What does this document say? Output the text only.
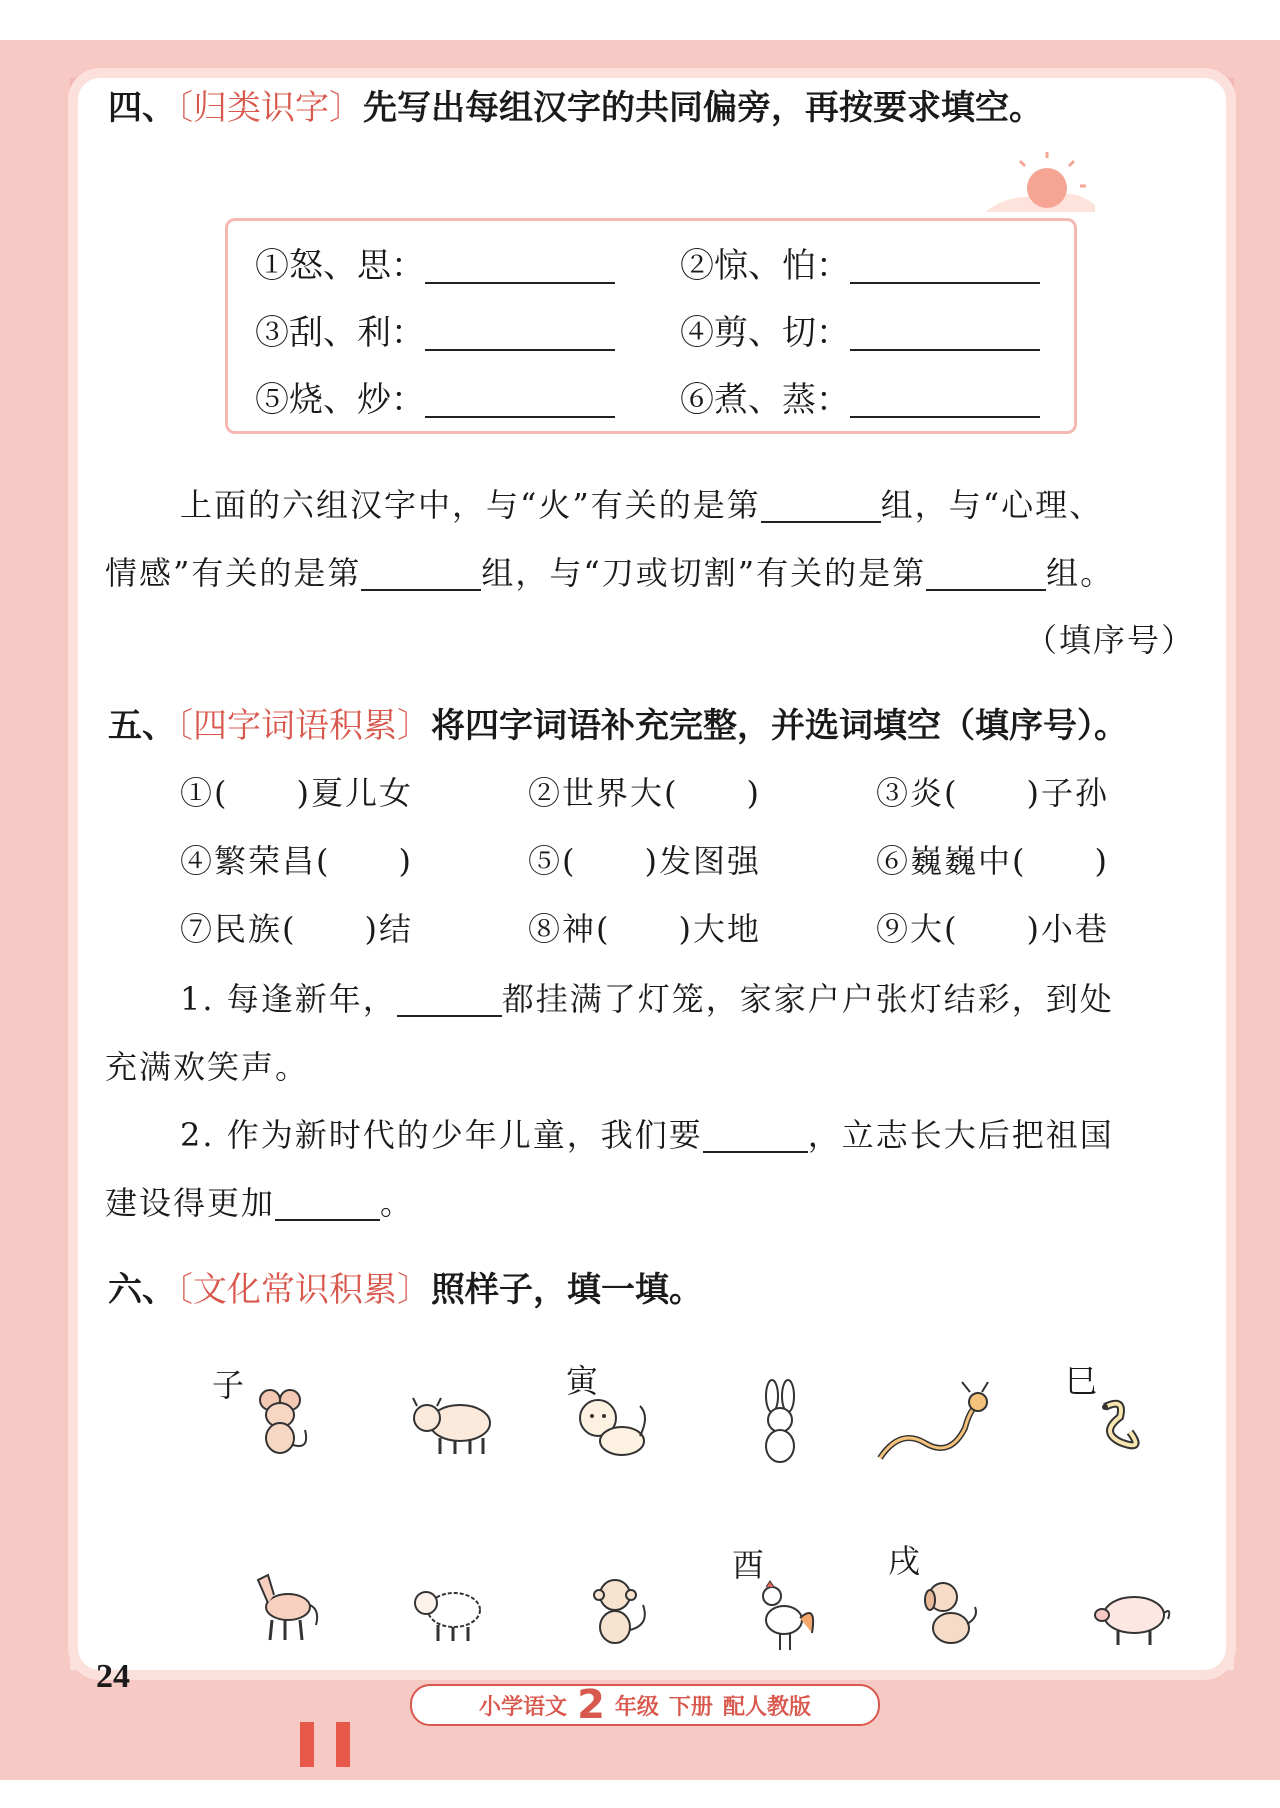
四、〔归类识字〕先写出每组汉字的共同偏旁，再按要求填空。
①怒、思：	②惊、怕：
③刮、利：	④剪、切：
⑤烧、炒：	⑥煮、蒸：
上面的六组汉字中，与“火”有关的是第	组，与“心理、
情感”有关的是第	组，与“刀或切割”有关的是第	组。
（填序号）
五、〔四字词语积累〕将四字词语补充完整，并选词填空（填序号）。
①(　　)夏儿女	②世界大(　　)	③炎(　　)子孙
④繁荣昌(　　)	⑤(　　)发图强	⑥巍巍中(　　)
⑦民族(　　)结	⑧神(　　)大地	⑨大(　　)小巷
1. 每逢新年，	都挂满了灯笼，家家户户张灯结彩，到处
充满欢笑声。
2. 作为新时代的少年儿童，我们要	，立志长大后把祖国
建设得更加	。
六、〔文化常识积累〕照样子，填一填。
子	寅	巳
酉	戌
24
小学语文 2 年级 下册 配人教版
